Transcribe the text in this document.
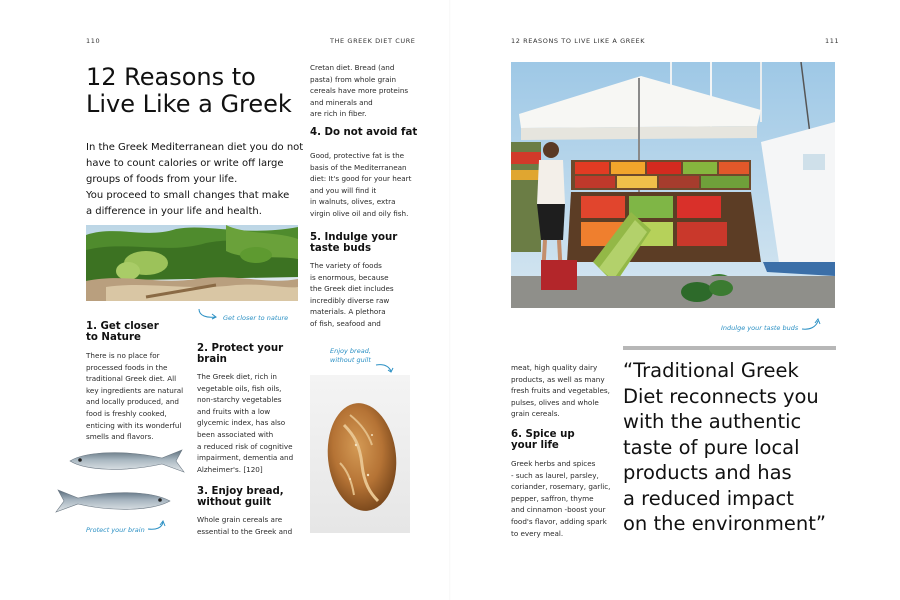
110	THE GREEK DIET CURE
12 Reasons to
Live Like a Greek
In the Greek Mediterranean diet you do not
have to count calories or write off large
groups of foods from your life.
You proceed to small changes that make
a difference in your life and health.
Get closer to nature
1. Get closer
to Nature
There is no place for
processed foods in the
traditional Greek diet. All
key ingredients are natural
and locally produced, and
food is freshly cooked,
enticing with its wonderful
smells and flavors.
Protect your brain
2. Protect your
brain
The Greek diet, rich in
vegetable oils, fish oils,
non-starchy vegetables
and fruits with a low
glycemic index, has also
been associated with
a reduced risk of cognitive
impairment, dementia and
Alzheimer's. [120]
3. Enjoy bread,
without guilt
Whole grain cereals are
essential to the Greek and
Cretan diet. Bread (and
pasta) from whole grain
cereals have more proteins
and minerals and
are rich in fiber.
4. Do not avoid fat
Good, protective fat is the
basis of the Mediterranean
diet: It's good for your heart
and you will find it
in walnuts, olives, extra
virgin olive oil and oily fish.
5. Indulge your
taste buds
The variety of foods
is enormous, because
the Greek diet includes
incredibly diverse raw
materials. A plethora
of fish, seafood and
Enjoy bread,
without guilt
12 REASONS TO LIVE LIKE A GREEK	111
Indulge your taste buds
meat, high quality dairy
products, as well as many
fresh fruits and vegetables,
pulses, olives and whole
grain cereals.
6. Spice up
your life
Greek herbs and spices
- such as laurel, parsley,
coriander, rosemary, garlic,
pepper, saffron, thyme
and cinnamon -boost your
food's flavor, adding spark
to every meal.
“Traditional Greek
Diet reconnects you
with the authentic
taste of pure local
products and has
a reduced impact
on the environment”
